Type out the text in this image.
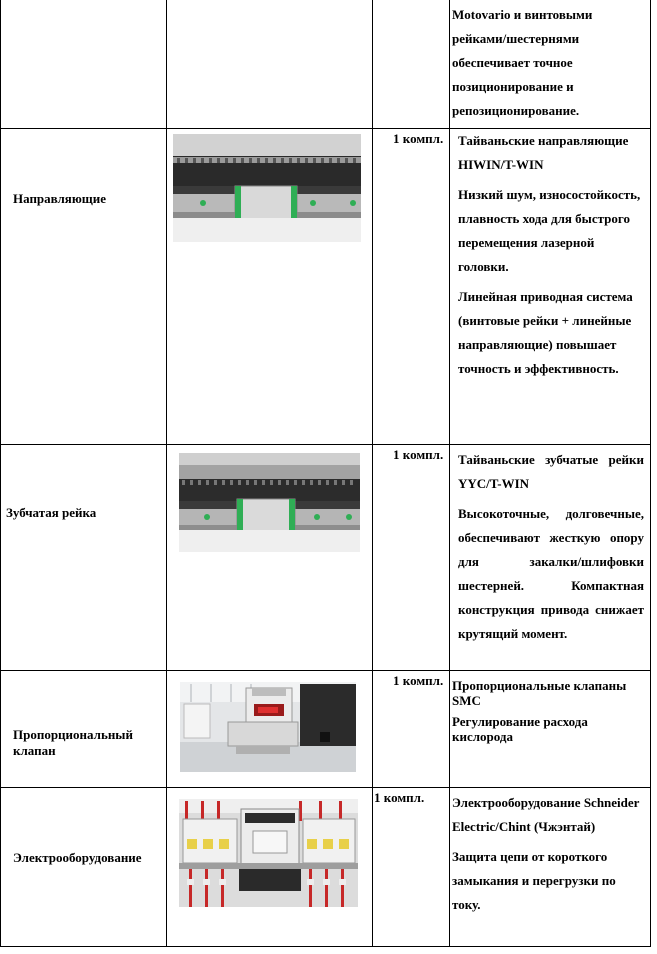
Motovario и винтовыми рейками/шестернями обеспечивает точное позиционирование и репозиционирование.

Направляющие
1 компл. Тайваньские направляющие HIWIN/T-WIN

Низкий шум, износостойкость, плавность хода для быстрого перемещения лазерной головки.

Линейная приводная система (винтовые рейки + линейные направляющие) повышает точность и эффективность.

Зубчатая рейка
1 компл. Тайваньские зубчатые рейки YYC/T-WIN

Высокоточные, долговечные, обеспечивают жесткую опору для закалки/шлифовки шестерней. Компактная конструкция привода снижает крутящий момент.

Пропорциональный клапан
1 компл. Пропорциональные клапаны SMC

Регулирование расхода кислорода

Электрооборудование
1 компл. Электрооборудование Schneider Electric/Chint (Чжэнтай)

Защита цепи от короткого замыкания и перегрузки по току.
